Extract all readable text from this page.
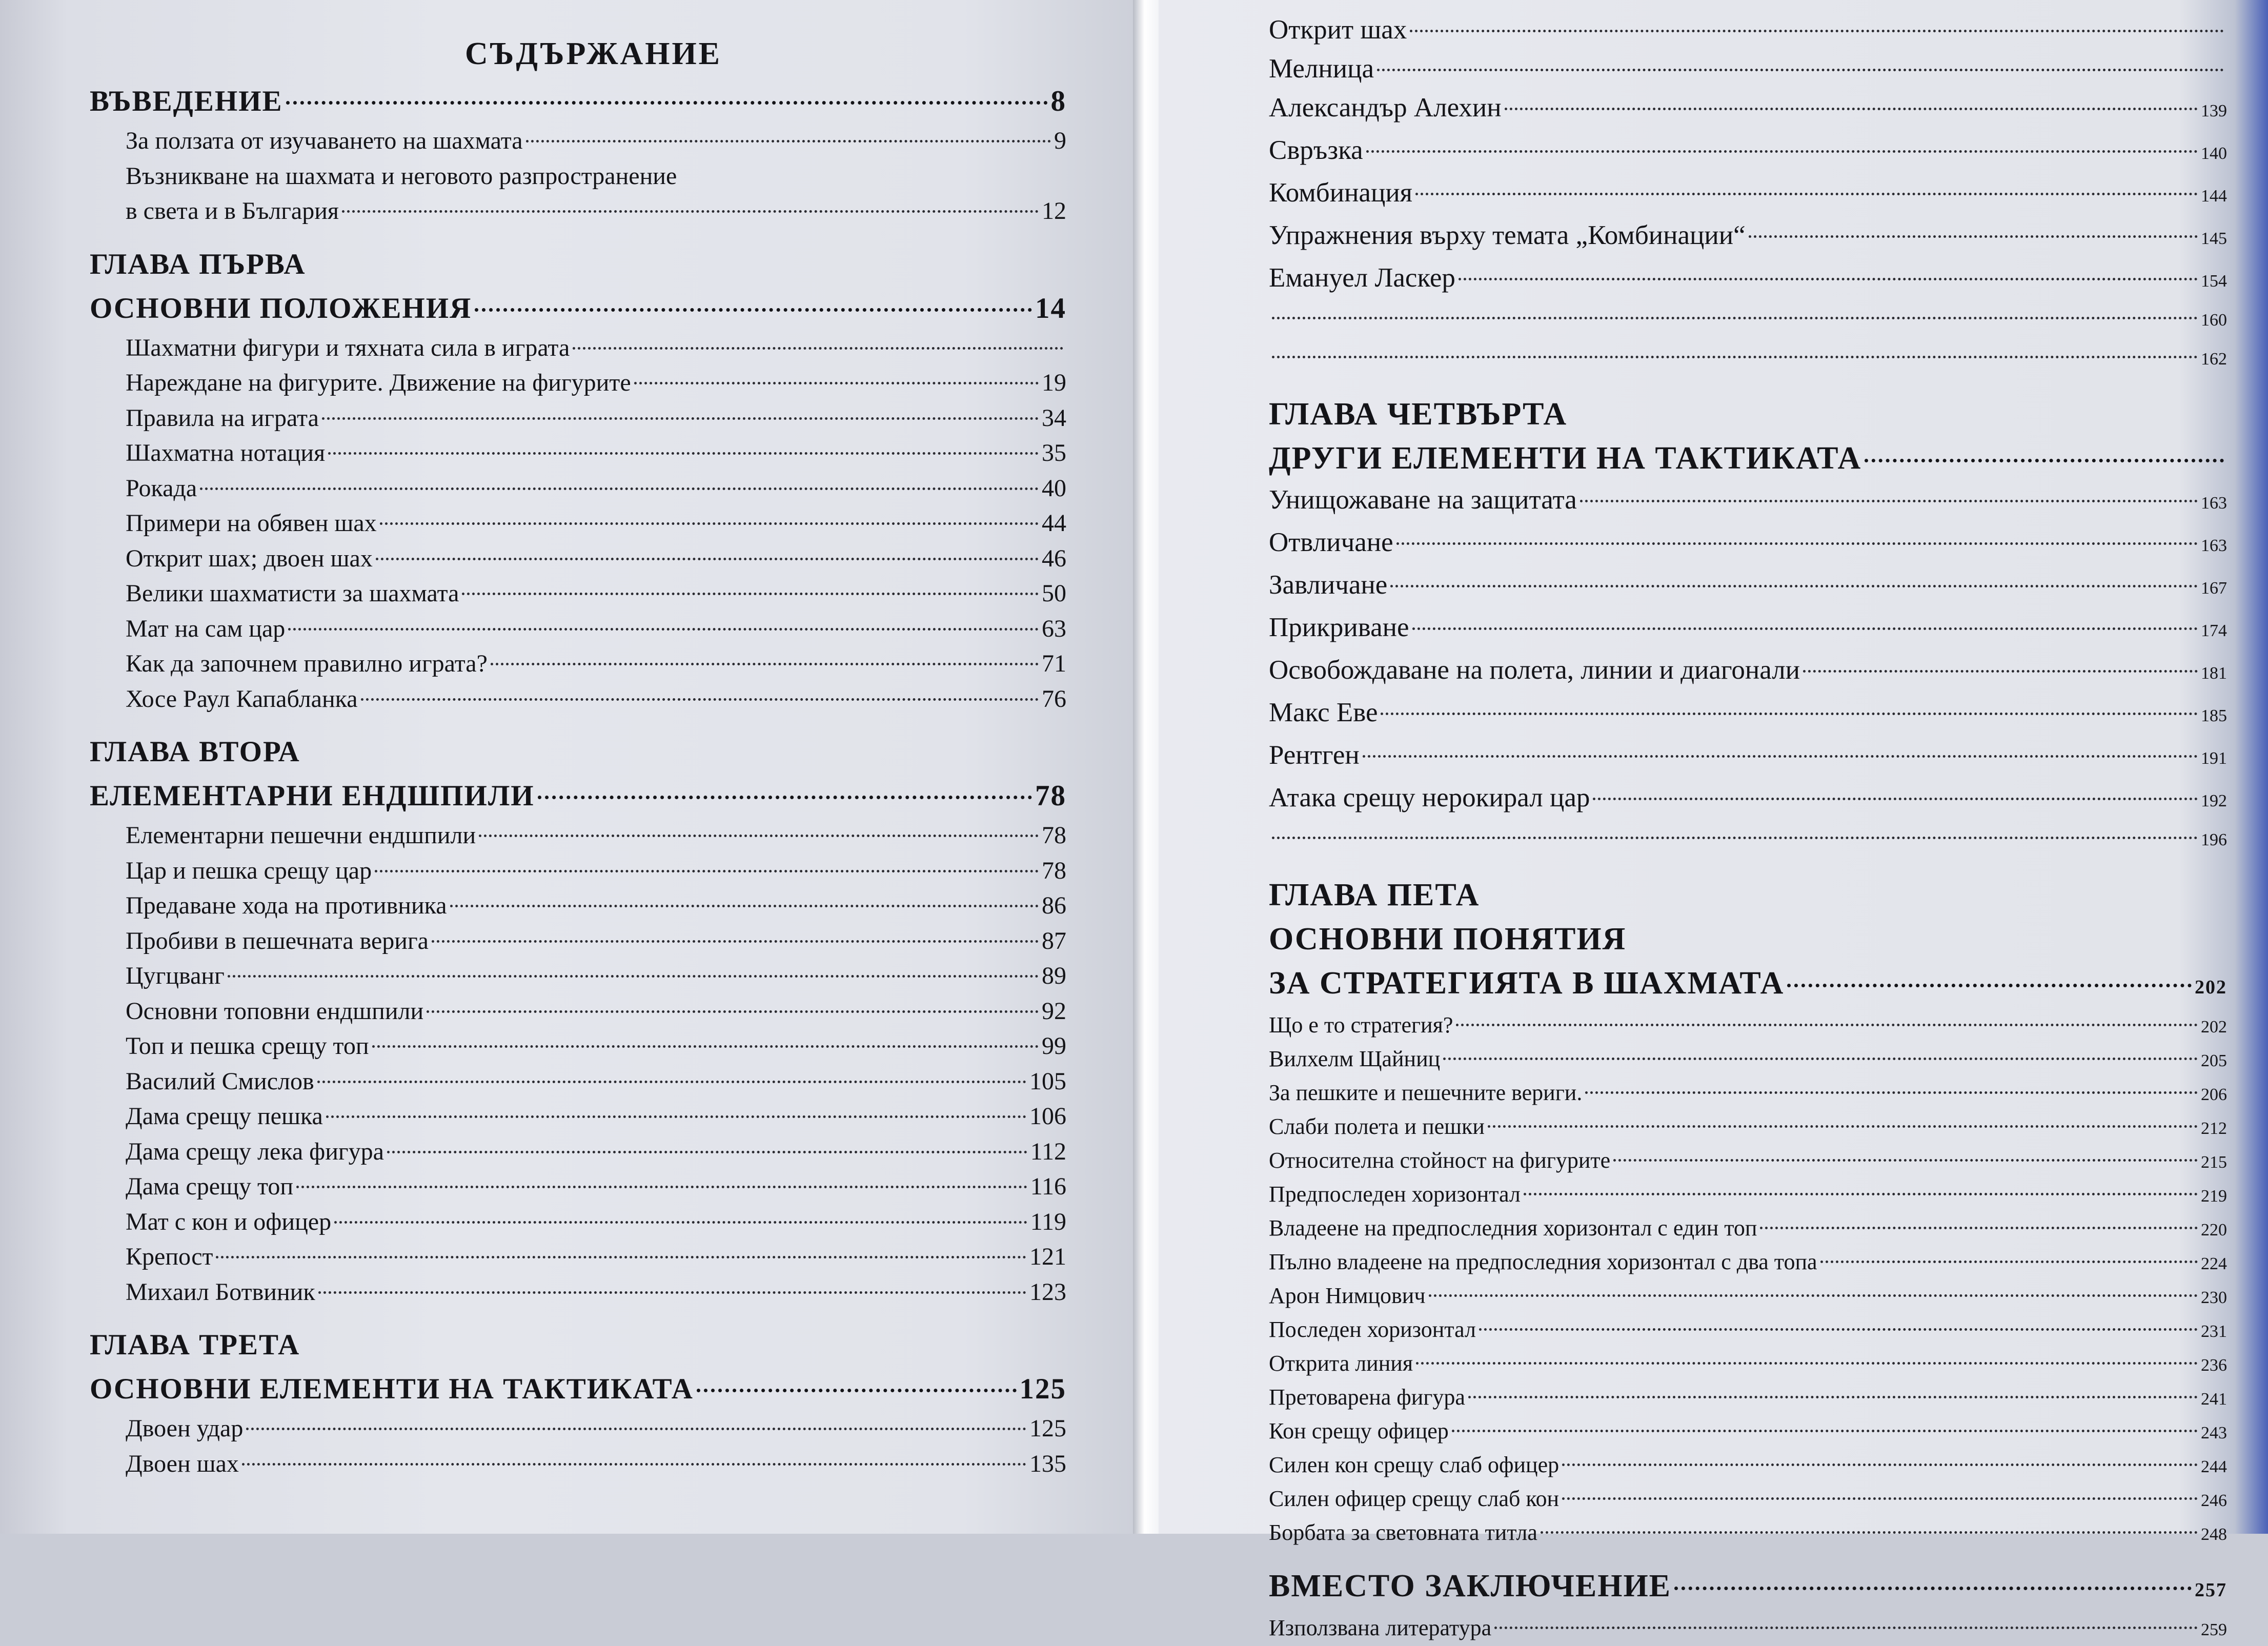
СЪДЪРЖАНИЕ
ВЪВЕДЕНИЕ	8
За ползата от изучаването на шахмата	9
Възникване на шахмата и неговото разпространение
в света и в България	12
ГЛАВА ПЪРВА
ОСНОВНИ ПОЛОЖЕНИЯ	14
Шахматни фигури и тяхната сила в играта
Нареждане на фигурите. Движение на фигурите	19
Правила на играта	34
Шахматна нотация	35
Рокада	40
Примери на обявен шах	44
Открит шах; двоен шах	46
Велики шахматисти за шахмата	50
Мат на сам цар	63
Как да започнем правилно играта?	71
Хосе Раул Капабланка	76
ГЛАВА ВТОРА
ЕЛЕМЕНТАРНИ ЕНДШПИЛИ	78
Елементарни пешечни ендшпили	78
Цар и пешка срещу цар	78
Предаване хода на противника	86
Пробиви в пешечната верига	87
Цугцванг	89
Основни топовни ендшпили	92
Топ и пешка срещу топ	99
Василий Смислов	105
Дама срещу пешка	106
Дама срещу лека фигура	112
Дама срещу топ	116
Мат с кон и офицер	119
Крепост	121
Михаил Ботвиник	123
ГЛАВА ТРЕТА
ОСНОВНИ ЕЛЕМЕНТИ НА ТАКТИКАТА	125
Двоен удар	125
Двоен шах	135
Открит шах
Мелница
Александър Алехин	139
Свръзка	140
Комбинация	144
Упражнения върху темата „Комбинации“	145
Емануел Ласкер	154
160
162
ГЛАВА ЧЕТВЪРТА
ДРУГИ ЕЛЕМЕНТИ НА ТАКТИКАТА
Унищожаване на защитата	163
Отвличане	163
Завличане	167
Прикриване	174
Освобождаване на полета, линии и диагонали	181
Макс Еве	185
Рентген	191
Атака срещу нерокирал цар	192
196
ГЛАВА ПЕТА
ОСНОВНИ ПОНЯТИЯ
ЗА СТРАТЕГИЯТА В ШАХМАТА	202
Що е то стратегия?	202
Вилхелм Щайниц	205
За пешките и пешечните вериги.	206
Слаби полета и пешки	212
Относителна стойност на фигурите	215
Предпоследен хоризонтал	219
Владеене на предпоследния хоризонтал с един топ	220
Пълно владеене на предпоследния хоризонтал с два топа	224
Арон Нимцович	230
Последен хоризонтал	231
Открита линия	236
Претоварена фигура	241
Кон срещу офицер	243
Силен кон срещу слаб офицер	244
Силен офицер срещу слаб кон	246
Борбата за световната титла	248
ВМЕСТО ЗАКЛЮЧЕНИЕ	257
Използвана литература	259
